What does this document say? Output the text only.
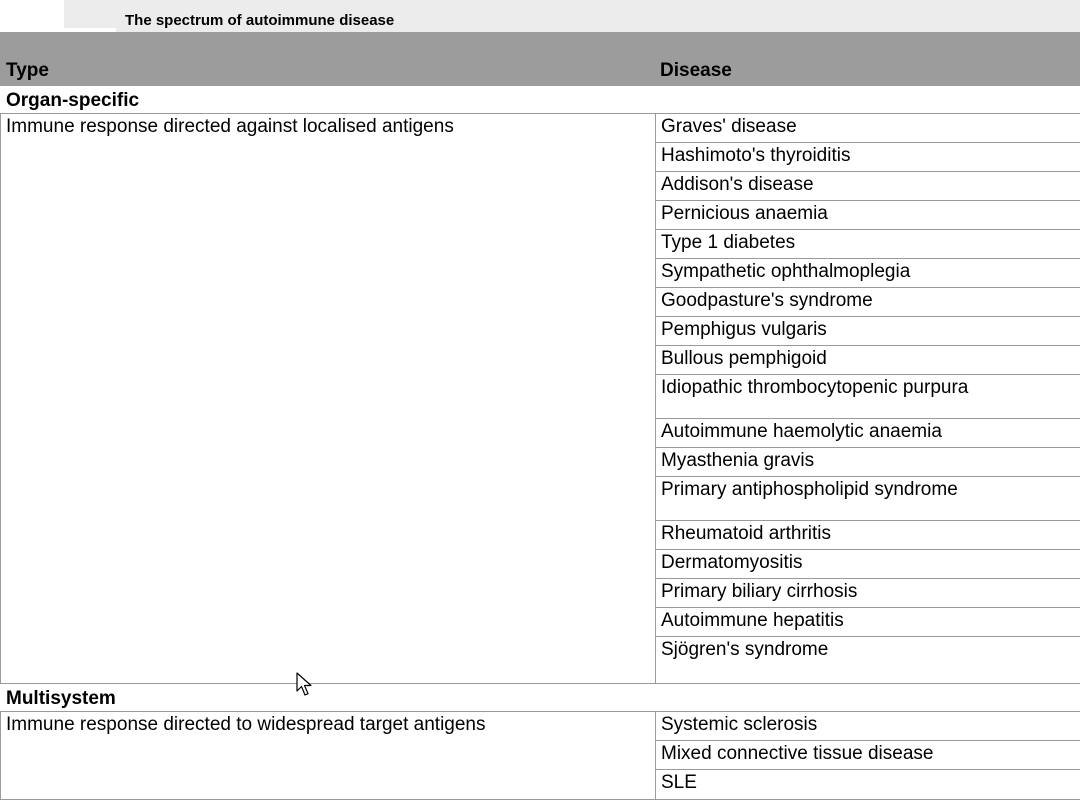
The spectrum of autoimmune disease
Type	Disease
Organ-specific
Immune response directed against localised antigens	Graves' disease
Hashimoto's thyroiditis
Addison's disease
Pernicious anaemia
Type 1 diabetes
Sympathetic ophthalmoplegia
Goodpasture's syndrome
Pemphigus vulgaris
Bullous pemphigoid
Idiopathic thrombocytopenic purpura
Autoimmune haemolytic anaemia
Myasthenia gravis
Primary antiphospholipid syndrome
Rheumatoid arthritis
Dermatomyositis
Primary biliary cirrhosis
Autoimmune hepatitis
Sjögren's syndrome
Multisystem
Immune response directed to widespread target antigens	Systemic sclerosis
Mixed connective tissue disease
SLE
